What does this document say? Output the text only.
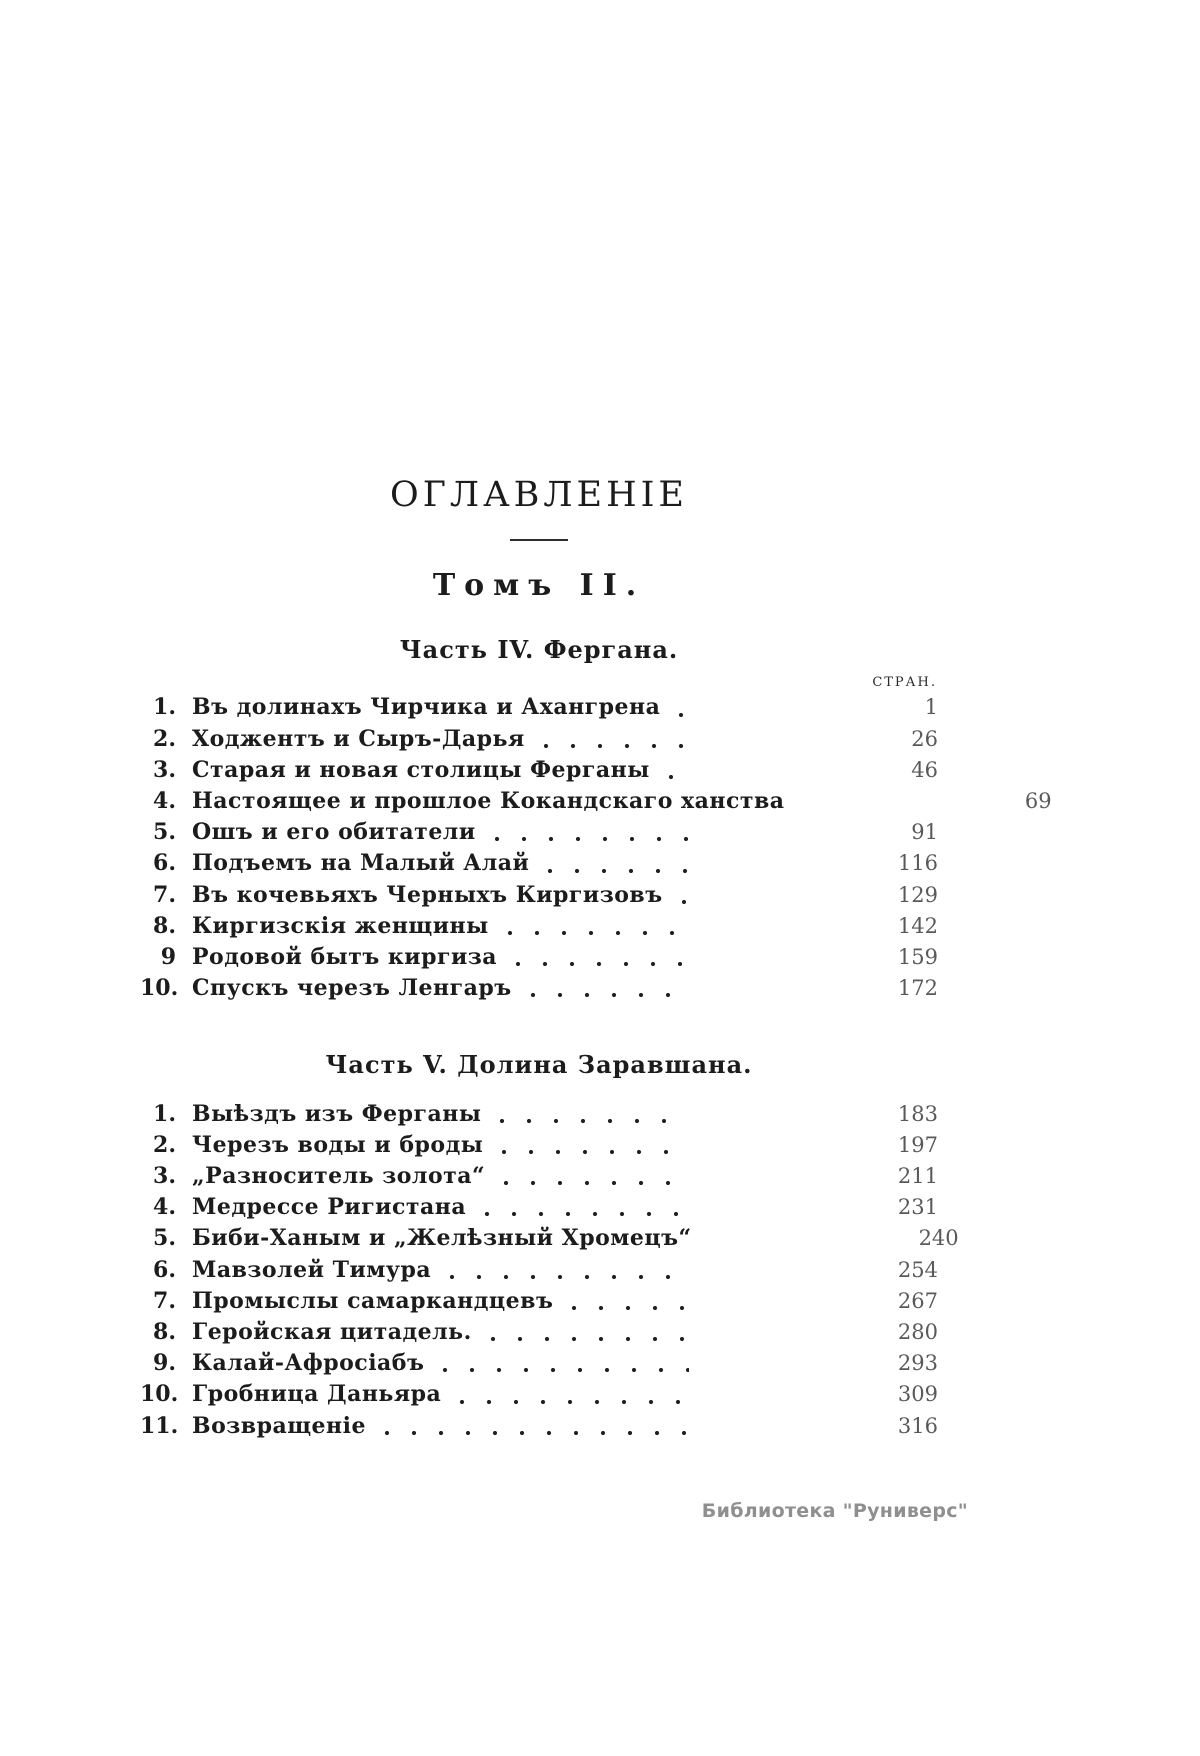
ОГЛАВЛЕНІЕ
Томъ II.
Часть IV. Фергана.
СТРАН.
1. Въ долинахъ Чирчика и Ахангрена	1
2. Ходжентъ и Сыръ-Дарья	26
3. Старая и новая столицы Ферганы	46
4. Настоящее и прошлое Кокандскаго ханства	69
5. Ошъ и его обитатели	91
6. Подъемъ на Малый Алай	116
7. Въ кочевьяхъ Черныхъ Киргизовъ	129
8. Киргизскія женщины	142
9 Родовой бытъ киргиза	159
10. Спускъ черезъ Ленгаръ	172
Часть V. Долина Заравшана.
1. Выѣздъ изъ Ферганы	183
2. Черезъ воды и броды	197
3. „Разноситель золота“	211
4. Медрессе Ригистана	231
5. Биби-Ханым и „Желѣзный Хромецъ“	240
6. Мавзолей Тимура	254
7. Промыслы самаркандцевъ	267
8. Геройская цитадель.	280
9. Калай-Афросіабъ	293
10. Гробница Даньяра	309
11. Возвращеніе	316
Библиотека "Руниверс"
